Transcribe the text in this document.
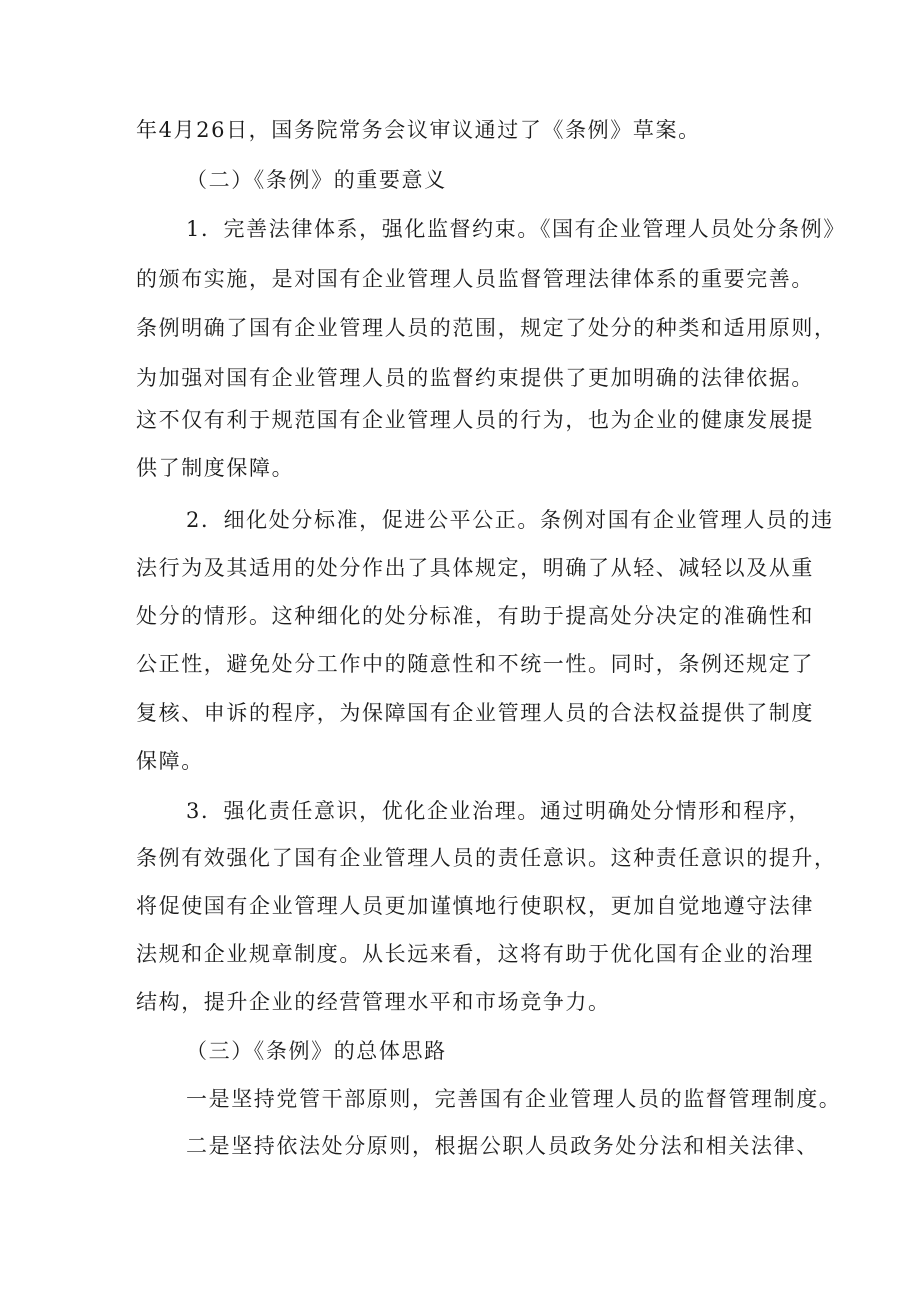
年4月26日，国务院常务会议审议通过了《条例》草案。
（二）《条例》的重要意义
1．完善法律体系，强化监督约束。《国有企业管理人员处分条例》
的颁布实施，是对国有企业管理人员监督管理法律体系的重要完善。
条例明确了国有企业管理人员的范围，规定了处分的种类和适用原则，
为加强对国有企业管理人员的监督约束提供了更加明确的法律依据。
这不仅有利于规范国有企业管理人员的行为，也为企业的健康发展提
供了制度保障。
2．细化处分标准，促进公平公正。条例对国有企业管理人员的违
法行为及其适用的处分作出了具体规定，明确了从轻、减轻以及从重
处分的情形。这种细化的处分标准，有助于提高处分决定的准确性和
公正性，避免处分工作中的随意性和不统一性。同时，条例还规定了
复核、申诉的程序，为保障国有企业管理人员的合法权益提供了制度
保障。
3．强化责任意识，优化企业治理。通过明确处分情形和程序，
条例有效强化了国有企业管理人员的责任意识。这种责任意识的提升，
将促使国有企业管理人员更加谨慎地行使职权，更加自觉地遵守法律
法规和企业规章制度。从长远来看，这将有助于优化国有企业的治理
结构，提升企业的经营管理水平和市场竞争力。
（三）《条例》的总体思路
一是坚持党管干部原则，完善国有企业管理人员的监督管理制度。
二是坚持依法处分原则，根据公职人员政务处分法和相关法律、
